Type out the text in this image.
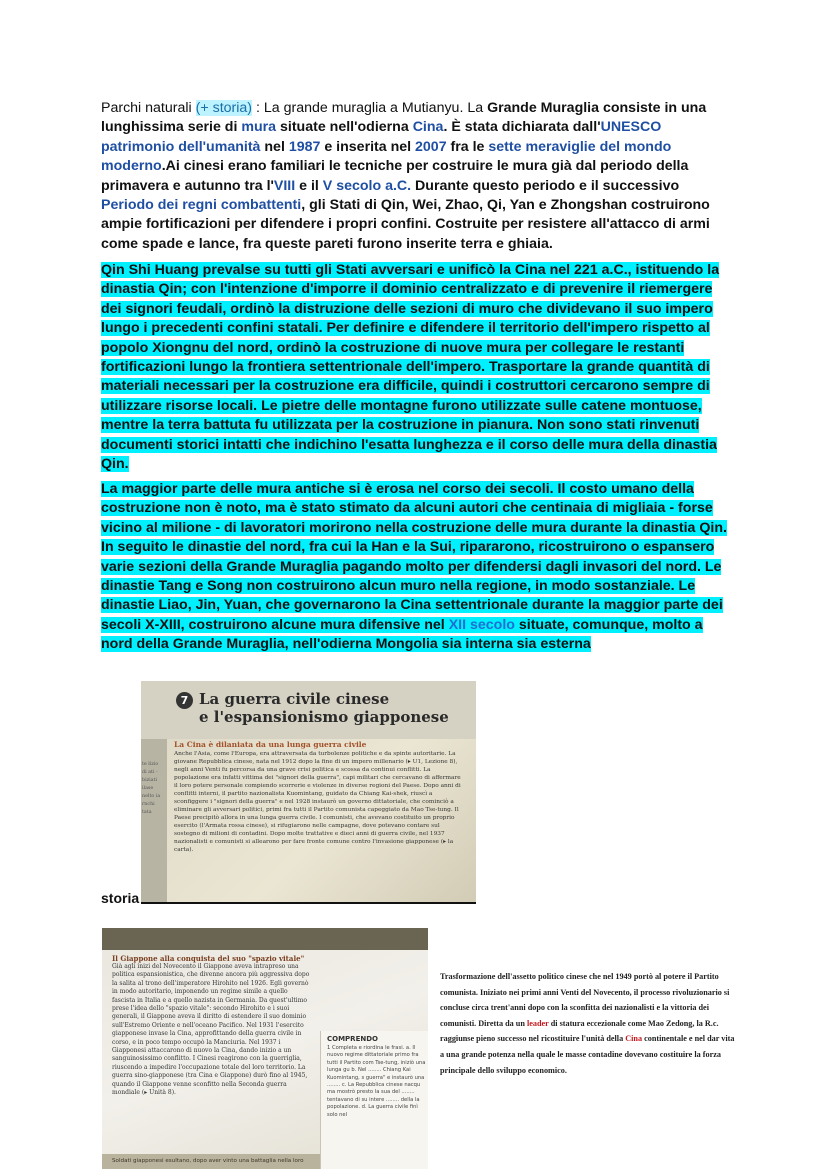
Parchi naturali (+ storia) : La grande muraglia a Mutianyu. La Grande Muraglia consiste in una lunghissima serie di mura situate nell'odierna Cina. È stata dichiarata dall'UNESCO patrimonio dell'umanità nel 1987 e inserita nel 2007 fra le sette meraviglie del mondo moderno.Ai cinesi erano familiari le tecniche per costruire le mura già dal periodo della primavera e autunno tra l'VIII e il V secolo a.C. Durante questo periodo e il successivo Periodo dei regni combattenti, gli Stati di Qin, Wei, Zhao, Qi, Yan e Zhongshan costruirono ampie fortificazioni per difendere i propri confini. Costruite per resistere all'attacco di armi come spade e lance, fra queste pareti furono inserite terra e ghiaia.
Qin Shi Huang prevalse su tutti gli Stati avversari e unificò la Cina nel 221 a.C., istituendo la dinastia Qin; con l'intenzione d'imporre il dominio centralizzato e di prevenire il riemergere dei signori feudali, ordinò la distruzione delle sezioni di muro che dividevano il suo impero lungo i precedenti confini statali. Per definire e difendere il territorio dell'impero rispetto al popolo Xiongnu del nord, ordinò la costruzione di nuove mura per collegare le restanti fortificazioni lungo la frontiera settentrionale dell'impero. Trasportare la grande quantità di materiali necessari per la costruzione era difficile, quindi i costruttori cercarono sempre di utilizzare risorse locali. Le pietre delle montagne furono utilizzate sulle catene montuose, mentre la terra battuta fu utilizzata per la costruzione in pianura. Non sono stati rinvenuti documenti storici intatti che indichino l'esatta lunghezza e il corso delle mura della dinastia Qin.
La maggior parte delle mura antiche si è erosa nel corso dei secoli. Il costo umano della costruzione non è noto, ma è stato stimato da alcuni autori che centinaia di migliaia - forse vicino al milione - di lavoratori morirono nella costruzione delle mura durante la dinastia Qin. In seguito le dinastie del nord, fra cui la Han e la Sui, ripararono, ricostruirono o espansero varie sezioni della Grande Muraglia pagando molto per difendersi dagli invasori del nord. Le dinastie Tang e Song non costruirono alcun muro nella regione, in modo sostanziale. Le dinastie Liao, Jin, Yuan, che governarono la Cina settentrionale durante la maggior parte dei secoli X-XIII, costruirono alcune mura difensive nel XII secolo situate, comunque, molto a nord della Grande Muraglia, nell'odierna Mongolia sia interna sia esterna
7 La guerra civile cinese
e l'espansionismo giapponese
La Cina è dilaniata da una lunga guerra civile
Anche l'Asia, come l'Europa, era attraversata da turbolenze politiche e da spinte autoritarie. La giovane Repubblica cinese, nata nel 1912 dopo la fine di un impero millenario (▸ U1, Lezione 8), negli anni Venti fu percorsa da una grave crisi politica e scossa da continui conflitti. La popolazione era infatti vittima dei "signori della guerra", capi militari che cercavano di affermare il loro potere personale compiendo scorrerie e violenze in diverse regioni del Paese. Dopo anni di conflitti interni, il partito nazionalista Kuomintang, guidato da Chiang Kai-shek, riuscì a sconfiggere i "signori della guerra" e nel 1928 instaurò un governo dittatoriale, che cominciò a eliminare gli avversari politici, primi fra tutti il Partito comunista capeggiato da Mao Tse-tung. Il Paese precipitò allora in una lunga guerra civile. I comunisti, che avevano costituito un proprio esercito (l'Armata rossa cinese), si rifugiarono nelle campagne, dove potevano contare sul sostegno di milioni di contadini. Dopo molte trattative e dieci anni di guerra civile, nel 1937 nazionalisti e comunisti si allearono per fare fronte comune contro l'invasione giapponese (▸ la carta).
te lizio di ati - biziati ilase nelto ia rnchi tata
storia
Il Giappone alla conquista del suo "spazio vitale"
Già agli inizi del Novecento il Giappone aveva intrapreso una politica espansionistica, che divenne ancora più aggressiva dopo la salita al trono dell'imperatore Hirohito nel 1926. Egli governò in modo autoritario, imponendo un regime simile a quello fascista in Italia e a quello nazista in Germania. Da quest'ultimo prese l'idea dello "spazio vitale": secondo Hirohito e i suoi generali, il Giappone aveva il diritto di estendere il suo dominio sull'Estremo Oriente e nell'oceano Pacifico. Nel 1931 l'esercito giapponese invase la Cina, approfittando della guerra civile in corso, e in poco tempo occupò la Manciuria. Nel 1937 i Giapponesi attaccarono di nuovo la Cina, dando inizio a un sanguinosissimo conflitto. I Cinesi reagirono con la guerriglia, riuscendo a impedire l'occupazione totale del loro territorio. La guerra sino-giapponese (tra Cina e Giappone) durò fino al 1945, quando il Giappone venne sconfitto nella Seconda guerra mondiale (▸ Unità 8).
COMPRENDO
1 Completa e riordina le frasi. a. Il nuovo regime dittatoriale primo fra tutti il Partito com Tse-tung, iniziò una lunga gu b. Nel ........ Chiang Kai Kuomintang, s guerra" e instaurò una ........ c. La Repubblica cinese nacqu ma mostrò presto la sua del ........ tentavano di su intere ........ della la popolazione. d. La guerra civile finì solo nel
Soldati giapponesi esultano, dopo aver vinto una battaglia nella loro
Trasformazione dell'assetto politico cinese che nel 1949 portò al potere il Partito comunista. Iniziato nei primi anni Venti del Novecento, il processo rivoluzionario si concluse circa trent'anni dopo con la sconfitta dei nazionalisti e la vittoria dei comunisti. Diretta da un leader di statura eccezionale come Mao Zedong, la R.c. raggiunse pieno successo nel ricostituire l'unità della Cina continentale e nel dar vita a una grande potenza nella quale le masse contadine dovevano costituire la forza principale dello sviluppo economico.
